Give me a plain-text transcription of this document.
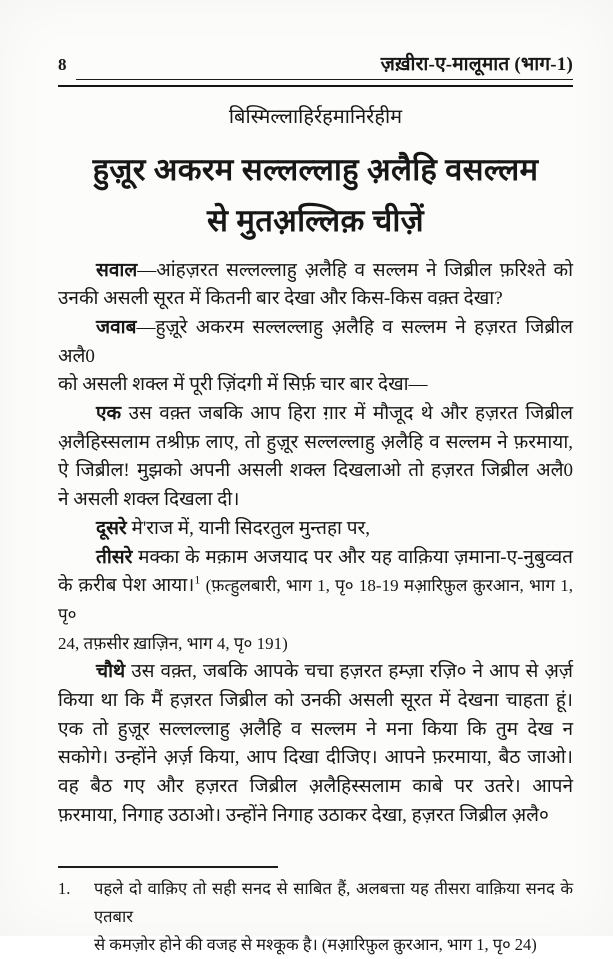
8	ज़ख़ीरा-ए-मालूमात (भाग-1)
बिस्मिल्लाहिर्रहमानिर्रहीम
हुज़ूर अकरम सल्लल्लाहु अ़लैहि वसल्लम
से मुतअ़ल्लिक़ चीज़ें
सवाल—आंहज़रत सल्लल्लाहु अ़लैहि व सल्लम ने जिब्रील फ़रिश्ते को
उनकी असली सूरत में कितनी बार देखा और किस-किस वक़्त देखा?
जवाब—हुज़ूरे अकरम सल्लल्लाहु अ़लैहि व सल्लम ने हज़रत जिब्रील अलै0
को असली शक्ल में पूरी ज़िंदगी में सिर्फ़ चार बार देखा—
एक उस वक़्त जबकि आप हिरा ग़ार में मौजूद थे और हज़रत जिब्रील
अ़लैहिस्सलाम तश्रीफ़ लाए, तो हुज़ूर सल्लल्लाहु अ़लैहि व सल्लम ने फ़रमाया,
ऐ जिब्रील! मुझको अपनी असली शक्ल दिखलाओ तो हज़रत जिब्रील अलै0
ने असली शक्ल दिखला दी।
दूसरे मे'राज में, यानी सिदरतुल मुन्तहा पर,
तीसरे मक्का के मक़ाम अजयाद पर और यह वाक़िया ज़माना-ए-नुबुव्वत
के क़रीब पेश आया।$^1$ (फ़त्हुलबारी, भाग 1, पृ० 18-19 मअ़ारिफ़ुल क़ुरआन, भाग 1, पृ०
24, तफ़सीर ख़ाज़िन, भाग 4, पृ० 191)
चौथे उस वक़्त, जबकि आपके चचा हज़रत हम्ज़ा रज़ि० ने आप से अ़र्ज़
किया था कि मैं हज़रत जिब्रील को उनकी असली सूरत में देखना चाहता हूं।
एक तो हुज़ूर सल्लल्लाहु अ़लैहि व सल्लम ने मना किया कि तुम देख न
सकोगे। उन्होंने अ़र्ज़ किया, आप दिखा दीजिए। आपने फ़रमाया, बैठ जाओ।
वह बैठ गए और हज़रत जिब्रील अ़लैहिस्सलाम काबे पर उतरे। आपने
फ़रमाया, निगाह उठाओ। उन्होंने निगाह उठाकर देखा, हज़रत जिब्रील अ़लै०
1.	पहले दो वाक़िए तो सही सनद से साबित हैं, अलबत्ता यह तीसरा वाक़िया सनद के एतबार
से कमज़ोर होने की वजह से मश्कूक है। (मअ़ारिफ़ुल क़ुरआन, भाग 1, पृ० 24)
